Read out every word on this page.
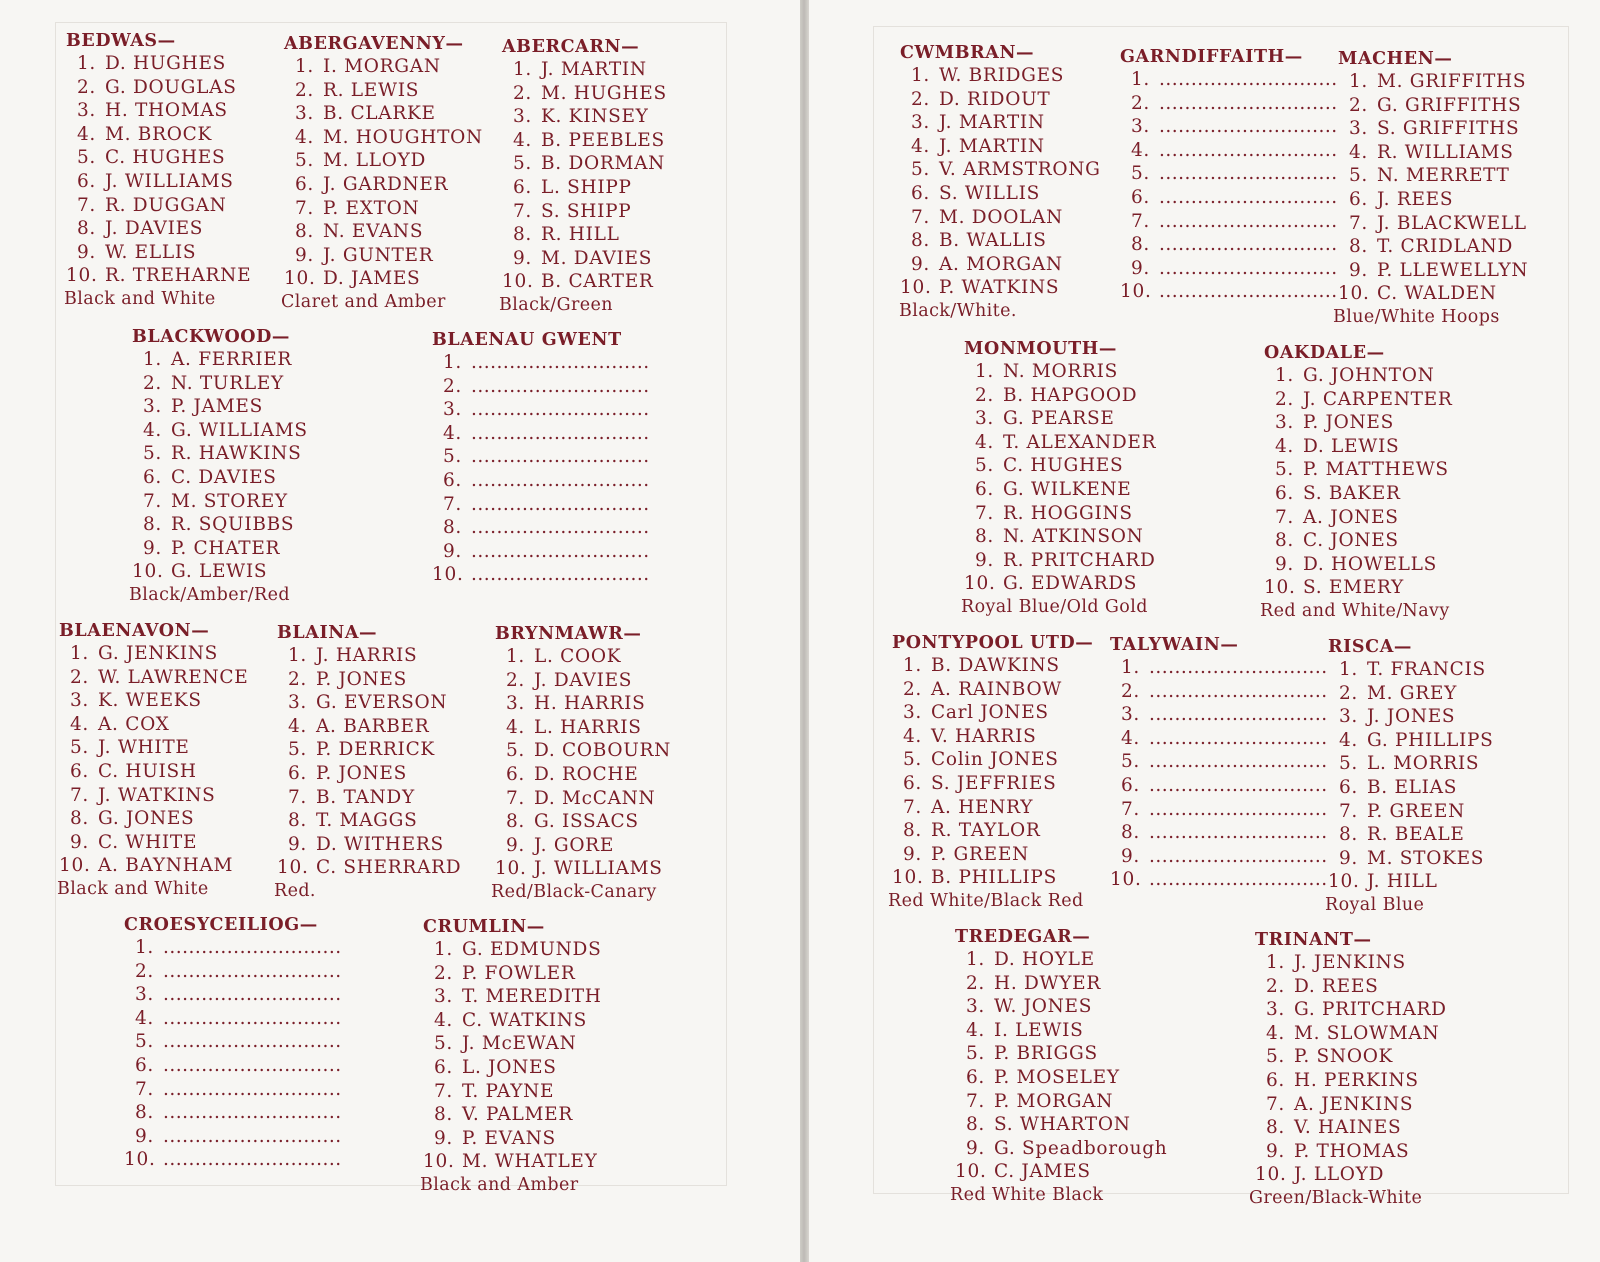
BEDWAS—
1. D. HUGHES
2. G. DOUGLAS
3. H. THOMAS
4. M. BROCK
5. C. HUGHES
6. J. WILLIAMS
7. R. DUGGAN
8. J. DAVIES
9. W. ELLIS
10. R. TREHARNE
Black and White
ABERGAVENNY—
1. I. MORGAN
2. R. LEWIS
3. B. CLARKE
4. M. HOUGHTON
5. M. LLOYD
6. J. GARDNER
7. P. EXTON
8. N. EVANS
9. J. GUNTER
10. D. JAMES
Claret and Amber
ABERCARN—
1. J. MARTIN
2. M. HUGHES
3. K. KINSEY
4. B. PEEBLES
5. B. DORMAN
6. L. SHIPP
7. S. SHIPP
8. R. HILL
9. M. DAVIES
10. B. CARTER
Black/Green
BLACKWOOD—
1. A. FERRIER
2. N. TURLEY
3. P. JAMES
4. G. WILLIAMS
5. R. HAWKINS
6. C. DAVIES
7. M. STOREY
8. R. SQUIBBS
9. P. CHATER
10. G. LEWIS
Black/Amber/Red
BLAENAU GWENT
1. ............................
2. ............................
3. ............................
4. ............................
5. ............................
6. ............................
7. ............................
8. ............................
9. ............................
10. ............................
BLAENAVON—
1. G. JENKINS
2. W. LAWRENCE
3. K. WEEKS
4. A. COX
5. J. WHITE
6. C. HUISH
7. J. WATKINS
8. G. JONES
9. C. WHITE
10. A. BAYNHAM
Black and White
BLAINA—
1. J. HARRIS
2. P. JONES
3. G. EVERSON
4. A. BARBER
5. P. DERRICK
6. P. JONES
7. B. TANDY
8. T. MAGGS
9. D. WITHERS
10. C. SHERRARD
Red.
BRYNMAWR—
1. L. COOK
2. J. DAVIES
3. H. HARRIS
4. L. HARRIS
5. D. COBOURN
6. D. ROCHE
7. D. McCANN
8. G. ISSACS
9. J. GORE
10. J. WILLIAMS
Red/Black-Canary
CROESYCEILIOG—
1. ............................
2. ............................
3. ............................
4. ............................
5. ............................
6. ............................
7. ............................
8. ............................
9. ............................
10. ............................
CRUMLIN—
1. G. EDMUNDS
2. P. FOWLER
3. T. MEREDITH
4. C. WATKINS
5. J. McEWAN
6. L. JONES
7. T. PAYNE
8. V. PALMER
9. P. EVANS
10. M. WHATLEY
Black and Amber
CWMBRAN—
1. W. BRIDGES
2. D. RIDOUT
3. J. MARTIN
4. J. MARTIN
5. V. ARMSTRONG
6. S. WILLIS
7. M. DOOLAN
8. B. WALLIS
9. A. MORGAN
10. P. WATKINS
Black/White.
GARNDIFFAITH—
1. ............................
2. ............................
3. ............................
4. ............................
5. ............................
6. ............................
7. ............................
8. ............................
9. ............................
10. ............................
MACHEN—
1. M. GRIFFITHS
2. G. GRIFFITHS
3. S. GRIFFITHS
4. R. WILLIAMS
5. N. MERRETT
6. J. REES
7. J. BLACKWELL
8. T. CRIDLAND
9. P. LLEWELLYN
10. C. WALDEN
Blue/White Hoops
MONMOUTH—
1. N. MORRIS
2. B. HAPGOOD
3. G. PEARSE
4. T. ALEXANDER
5. C. HUGHES
6. G. WILKENE
7. R. HOGGINS
8. N. ATKINSON
9. R. PRITCHARD
10. G. EDWARDS
Royal Blue/Old Gold
OAKDALE—
1. G. JOHNTON
2. J. CARPENTER
3. P. JONES
4. D. LEWIS
5. P. MATTHEWS
6. S. BAKER
7. A. JONES
8. C. JONES
9. D. HOWELLS
10. S. EMERY
Red and White/Navy
PONTYPOOL UTD—
1. B. DAWKINS
2. A. RAINBOW
3. Carl JONES
4. V. HARRIS
5. Colin JONES
6. S. JEFFRIES
7. A. HENRY
8. R. TAYLOR
9. P. GREEN
10. B. PHILLIPS
Red White/Black Red
TALYWAIN—
1. ............................
2. ............................
3. ............................
4. ............................
5. ............................
6. ............................
7. ............................
8. ............................
9. ............................
10. ............................
RISCA—
1. T. FRANCIS
2. M. GREY
3. J. JONES
4. G. PHILLIPS
5. L. MORRIS
6. B. ELIAS
7. P. GREEN
8. R. BEALE
9. M. STOKES
10. J. HILL
Royal Blue
TREDEGAR—
1. D. HOYLE
2. H. DWYER
3. W. JONES
4. I. LEWIS
5. P. BRIGGS
6. P. MOSELEY
7. P. MORGAN
8. S. WHARTON
9. G. Speadborough
10. C. JAMES
Red White Black
TRINANT—
1. J. JENKINS
2. D. REES
3. G. PRITCHARD
4. M. SLOWMAN
5. P. SNOOK
6. H. PERKINS
7. A. JENKINS
8. V. HAINES
9. P. THOMAS
10. J. LLOYD
Green/Black-White
